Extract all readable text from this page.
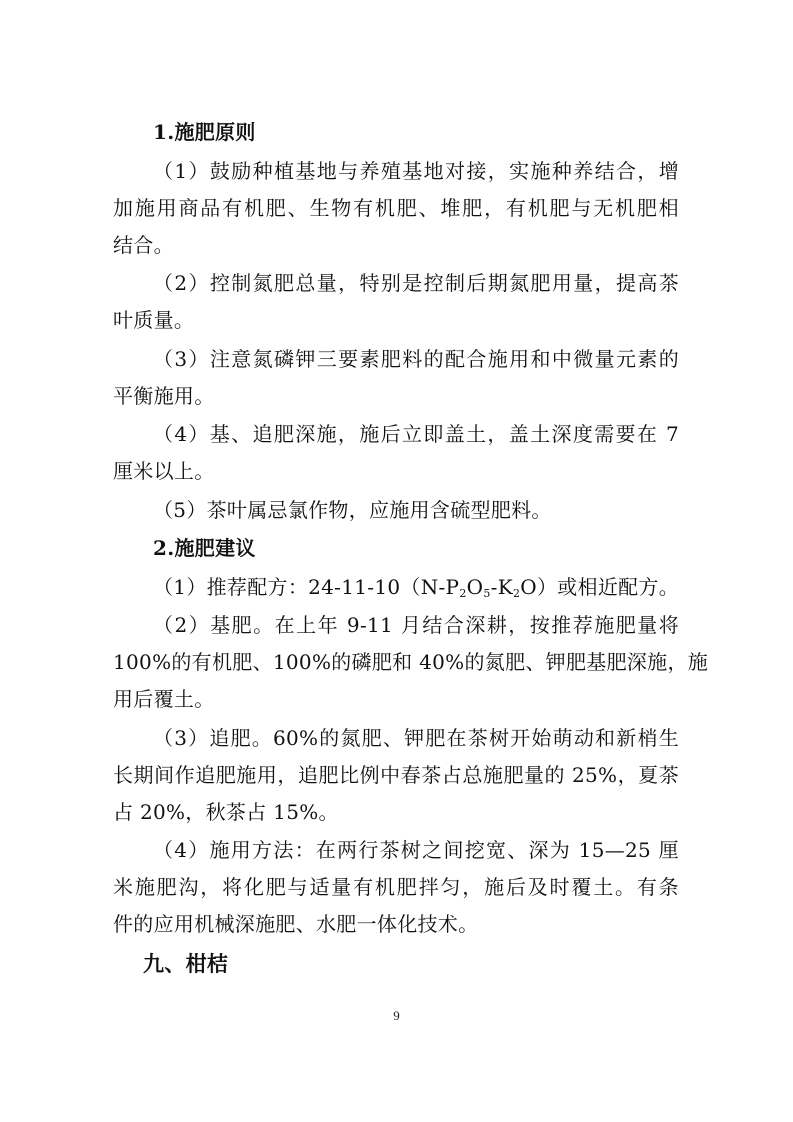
1.施肥原则
（1）鼓励种植基地与养殖基地对接，实施种养结合，增
加施用商品有机肥、生物有机肥、堆肥，有机肥与无机肥相
结合。
（2）控制氮肥总量，特别是控制后期氮肥用量，提高茶
叶质量。
（3）注意氮磷钾三要素肥料的配合施用和中微量元素的
平衡施用。
（4）基、追肥深施，施后立即盖土，盖土深度需要在 7
厘米以上。
（5）茶叶属忌氯作物，应施用含硫型肥料。
2.施肥建议
（1）推荐配方：$24-11-10(N-P_2O_5-K_2O)$或相近配方。
（2）基肥。在上年 9-11 月结合深耕，按推荐施肥量将
100%的有机肥、100%的磷肥和 40%的氮肥、钾肥基肥深施，施
用后覆土。
（3）追肥。60%的氮肥、钾肥在茶树开始萌动和新梢生
长期间作追肥施用，追肥比例中春茶占总施肥量的 25%，夏茶
占 20%，秋茶占 15%。
（4）施用方法：在两行茶树之间挖宽、深为 15—25 厘
米施肥沟，将化肥与适量有机肥拌匀，施后及时覆土。有条
件的应用机械深施肥、水肥一体化技术。
九、柑桔
9
